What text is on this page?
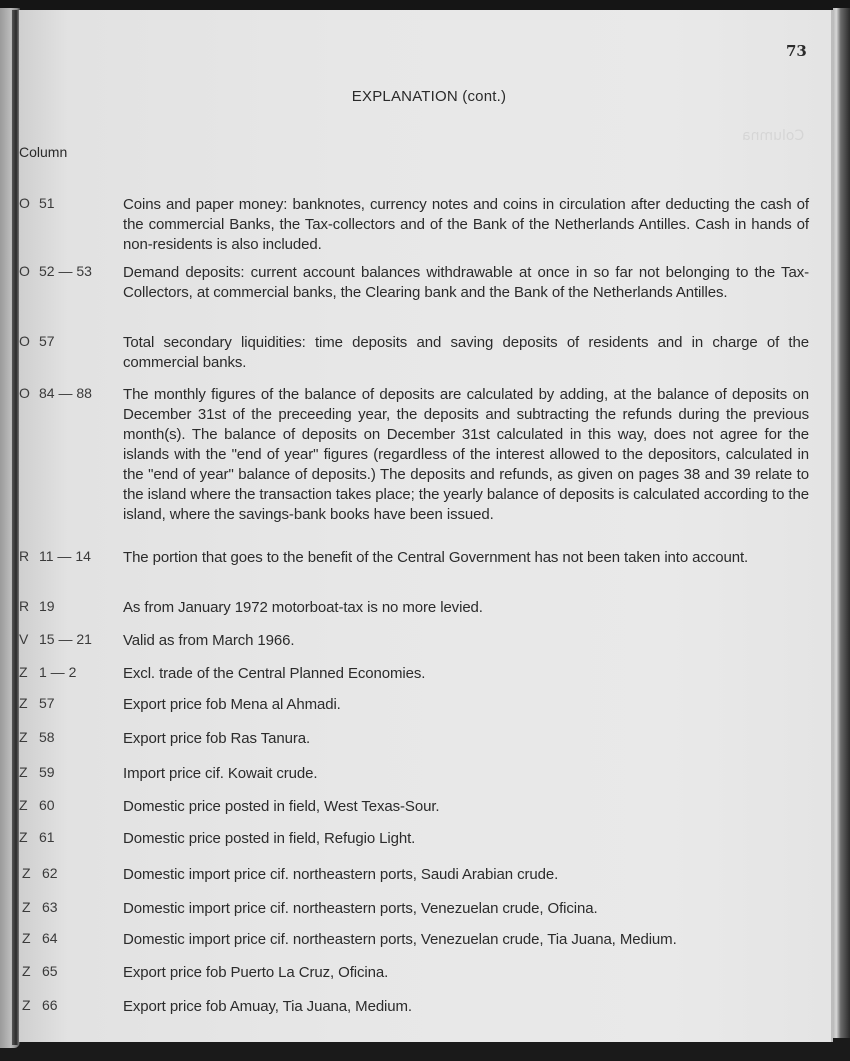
Columna
73
EXPLANATION (cont.)
Column
O 51	Coins and paper money: banknotes, currency notes and coins in circulation after deducting the cash of the commercial Banks, the Tax-collectors and of the Bank of the Netherlands Antilles. Cash in hands of non-residents is also included.
O 52 — 53 Demand deposits: current account balances withdrawable at once in so far not belonging to the Tax-Collectors, at commercial banks, the Clearing bank and the Bank of the Netherlands Antilles.
O 57	Total secondary liquidities: time deposits and saving deposits of residents and in charge of the commercial banks.
O 84 — 88 The monthly figures of the balance of deposits are calculated by adding, at the balance of deposits on December 31st of the preceeding year, the deposits and subtracting the refunds during the previous month(s). The balance of deposits on December 31st calculated in this way, does not agree for the islands with the "end of year" figures (regardless of the interest allowed to the depositors, calculated in the "end of year" balance of deposits.) The deposits and refunds, as given on pages 38 and 39 relate to the island where the transaction takes place; the yearly balance of deposits is calculated according to the island, where the savings-bank books have been issued.
R 11 — 14 The portion that goes to the benefit of the Central Government has not been taken into account.
R 19	As from January 1972 motorboat-tax is no more levied.
V 15 — 21 Valid as from March 1966.
Z 1 — 2	Excl. trade of the Central Planned Economies.
Z 57	Export price fob Mena al Ahmadi.
Z 58	Export price fob Ras Tanura.
Z 59	Import price cif. Kowait crude.
Z 60	Domestic price posted in field, West Texas-Sour.
Z 61	Domestic price posted in field, Refugio Light.
Z 62	Domestic import price cif. northeastern ports, Saudi Arabian crude.
Z 63	Domestic import price cif. northeastern ports, Venezuelan crude, Oficina.
Z 64	Domestic import price cif. northeastern ports, Venezuelan crude, Tia Juana, Medium.
Z 65	Export price fob Puerto La Cruz, Oficina.
Z 66	Export price fob Amuay, Tia Juana, Medium.
